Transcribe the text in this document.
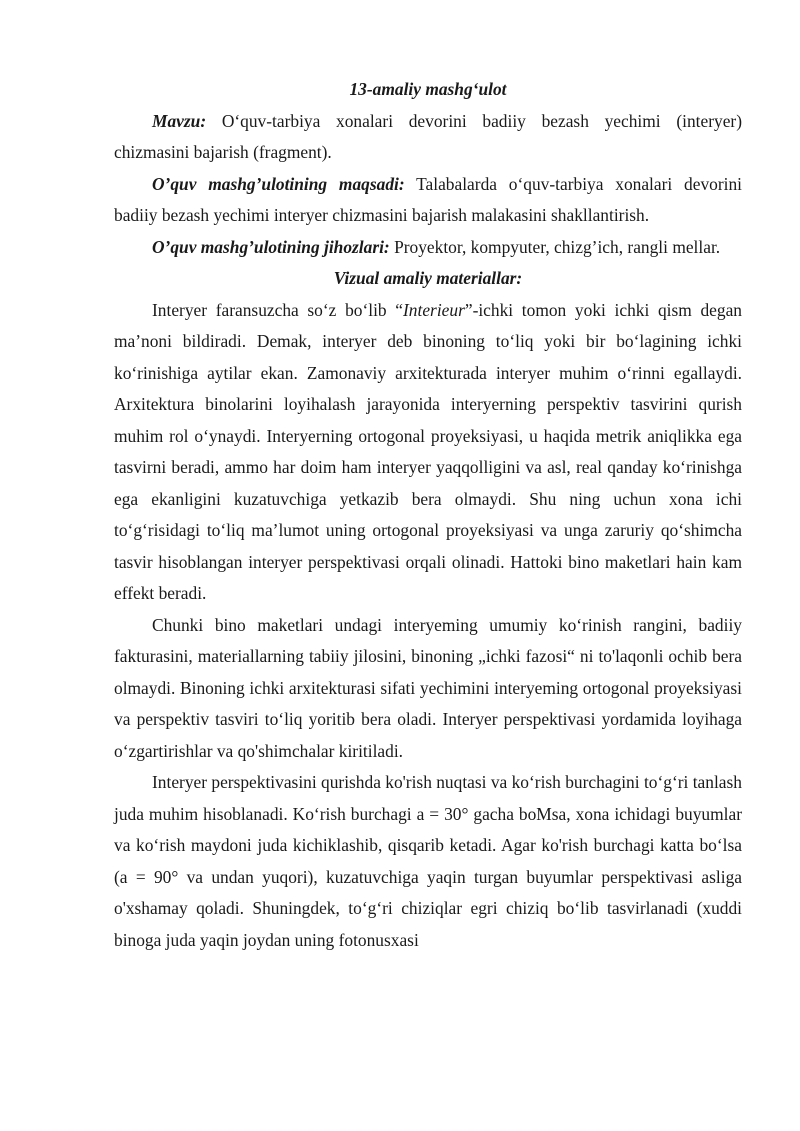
13-amaliy mashg‘ulot

Mavzu: O‘quv-tarbiya xonalari devorini badiiy bezash yechimi (interyer) chizmasini bajarish (fragment).

O’quv mashg’ulotining maqsadi: Talabalarda o‘quv-tarbiya xonalari devorini badiiy bezash yechimi interyer chizmasini bajarish malakasini shakllantirish.

O’quv mashg’ulotining jihozlari: Proyektor, kompyuter, chizg’ich, rangli mellar.

Vizual amaliy materiallar:

Interyer faransuzcha so‘z bo‘lib “Interieur”-ichki tomon yoki ichki qism degan ma’noni bildiradi. Demak, interyer deb binoning to‘liq yoki bir bo‘lagining ichki ko‘rinishiga aytilar ekan. Zamonaviy arxitekturada interyer muhim o‘rinni egallaydi. Arxitektura binolarini loyihalash jarayonida interyerning perspektiv tasvirini qurish muhim rol o‘ynaydi. Interyerning ortogonal proyeksiyasi, u haqida metrik aniqlikka ega tasvirni beradi, ammo har doim ham interyer yaqqolligini va asl, real qanday ko‘rinishga ega ekanligini kuzatuvchiga yetkazib bera olmaydi. Shu ning uchun xona ichi to‘g‘risidagi to‘liq ma’lumot uning ortogonal proyeksiyasi va unga zaruriy qo‘shimcha tasvir hisoblangan interyer perspektivasi orqali olinadi. Hattoki bino maketlari hain kam effekt beradi.

Chunki bino maketlari undagi interyeming umumiy ko‘rinish rangini, badiiy fakturasini, materiallarning tabiiy jilosini, binoning „ichki fazosi“ ni to'laqonli ochib bera olmaydi. Binoning ichki arxitekturasi sifati yechimini interyeming ortogonal proyeksiyasi va perspektiv tasviri to‘liq yoritib bera oladi. Interyer perspektivasi yordamida loyihaga o‘zgartirishlar va qo'shimchalar kiritiladi.

Interyer perspektivasini qurishda ko'rish nuqtasi va ko‘rish burchagini to‘g‘ri tanlash juda muhim hisoblanadi. Ko‘rish burchagi a = 30° gacha boMsa, xona ichidagi buyumlar va ko‘rish maydoni juda kichiklashib, qisqarib ketadi. Agar ko'rish burchagi katta bo‘lsa (a = 90° va undan yuqori), kuzatuvchiga yaqin turgan buyumlar perspektivasi asliga o'xshamay qoladi. Shuningdek, to‘g‘ri chiziqlar egri chiziq bo‘lib tasvirlanadi (xuddi binoga juda yaqin joydan uning fotonusxasi
